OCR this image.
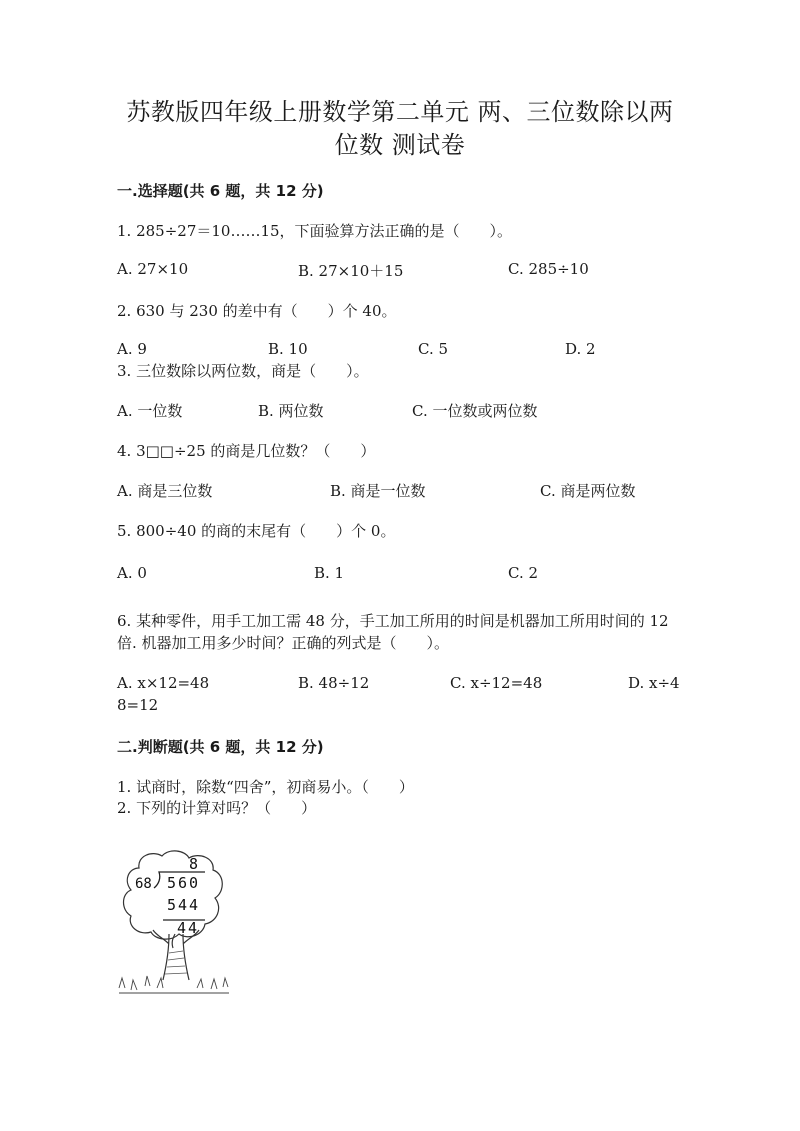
苏教版四年级上册数学第二单元 两、三位数除以两
位数 测试卷
一.选择题(共 6 题，共 12 分)
1. 285÷27＝10……15，下面验算方法正确的是（　　）。
A. 27×10	B. 27×10＋15	C. 285÷10
2. 630 与 230 的差中有（　　）个 40。
A. 9	B. 10	C. 5	D. 2
3. 三位数除以两位数，商是（　　）。
A. 一位数	B. 两位数	C. 一位数或两位数
4. 3□□÷25 的商是几位数？（　　）
A. 商是三位数	B. 商是一位数	C. 商是两位数
5. 800÷40 的商的末尾有（　　）个 0。
A. 0	B. 1	C. 2
6. 某种零件，用手工加工需 48 分，手工加工所用的时间是机器加工所用时间的 12 倍. 机器加工用多少时间？正确的列式是（　　）。
A. x×12=48	B. 48÷12	C. x÷12=48	D. x÷4
8=12
二.判断题(共 6 题，共 12 分)
1. 试商时，除数“四舍”，初商易小。（　　）
2. 下列的计算对吗？（　　）
8
68 560
544
44
